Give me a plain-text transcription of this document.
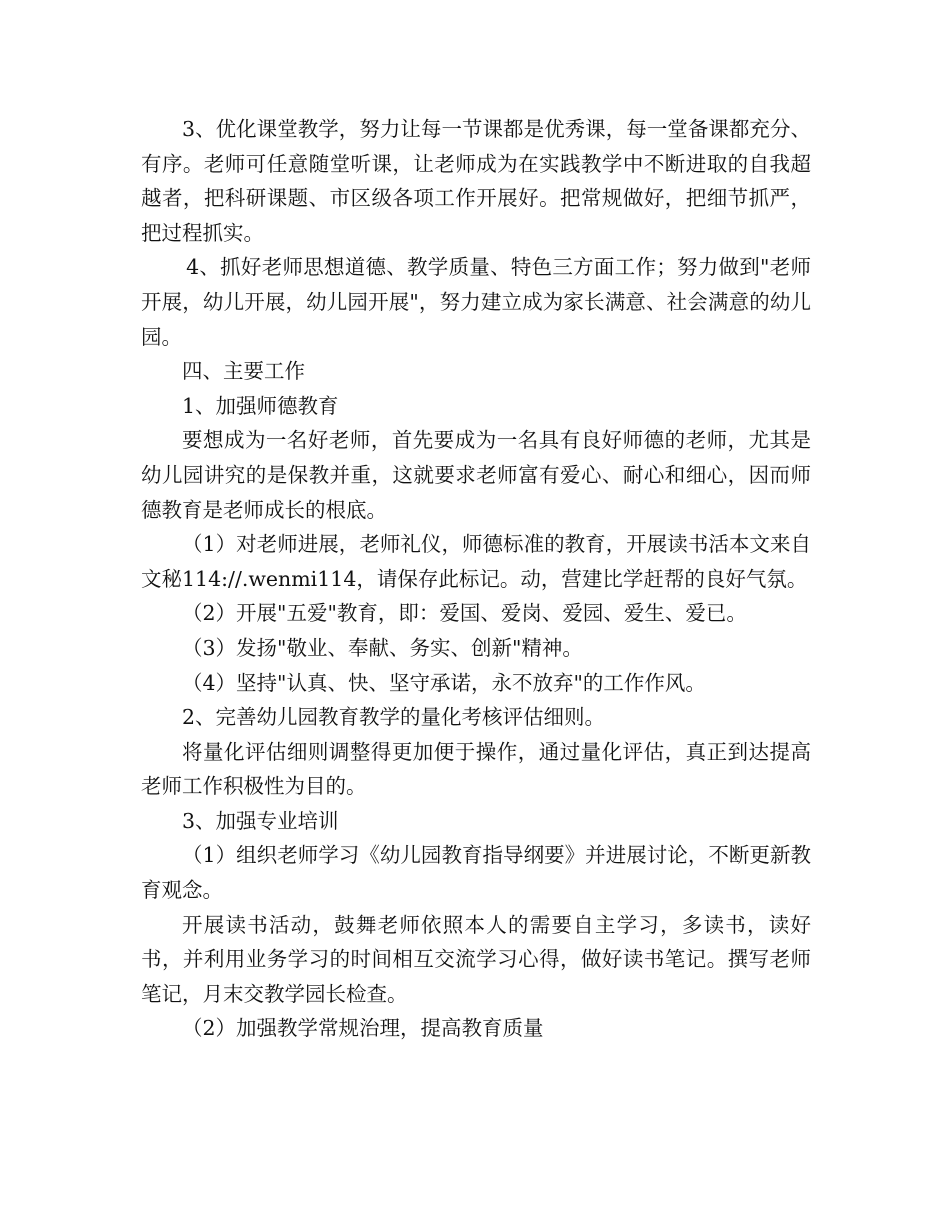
3、优化课堂教学，努力让每一节课都是优秀课，每一堂备课都充分、有序。老师可任意随堂听课，让老师成为在实践教学中不断进取的自我超越者，把科研课题、市区级各项工作开展好。把常规做好，把细节抓严，把过程抓实。

4、抓好老师思想道德、教学质量、特色三方面工作；努力做到"老师开展，幼儿开展，幼儿园开展"，努力建立成为家长满意、社会满意的幼儿园。

四、主要工作

1、加强师德教育

要想成为一名好老师，首先要成为一名具有良好师德的老师，尤其是幼儿园讲究的是保教并重，这就要求老师富有爱心、耐心和细心，因而师德教育是老师成长的根底。

（1）对老师进展，老师礼仪，师德标准的教育，开展读书活本文来自文秘114://.wenmi114，请保存此标记。动，营建比学赶帮的良好气氛。

（2）开展"五爱"教育，即：爱国、爱岗、爱园、爱生、爱已。

（3）发扬"敬业、奉献、务实、创新"精神。

（4）坚持"认真、快、坚守承诺，永不放弃"的工作作风。

2、完善幼儿园教育教学的量化考核评估细则。

将量化评估细则调整得更加便于操作，通过量化评估，真正到达提高老师工作积极性为目的。

3、加强专业培训

（1）组织老师学习《幼儿园教育指导纲要》并进展讨论，不断更新教育观念。

开展读书活动，鼓舞老师依照本人的需要自主学习，多读书，读好书，并利用业务学习的时间相互交流学习心得，做好读书笔记。撰写老师笔记，月末交教学园长检查。

（2）加强教学常规治理，提高教育质量
